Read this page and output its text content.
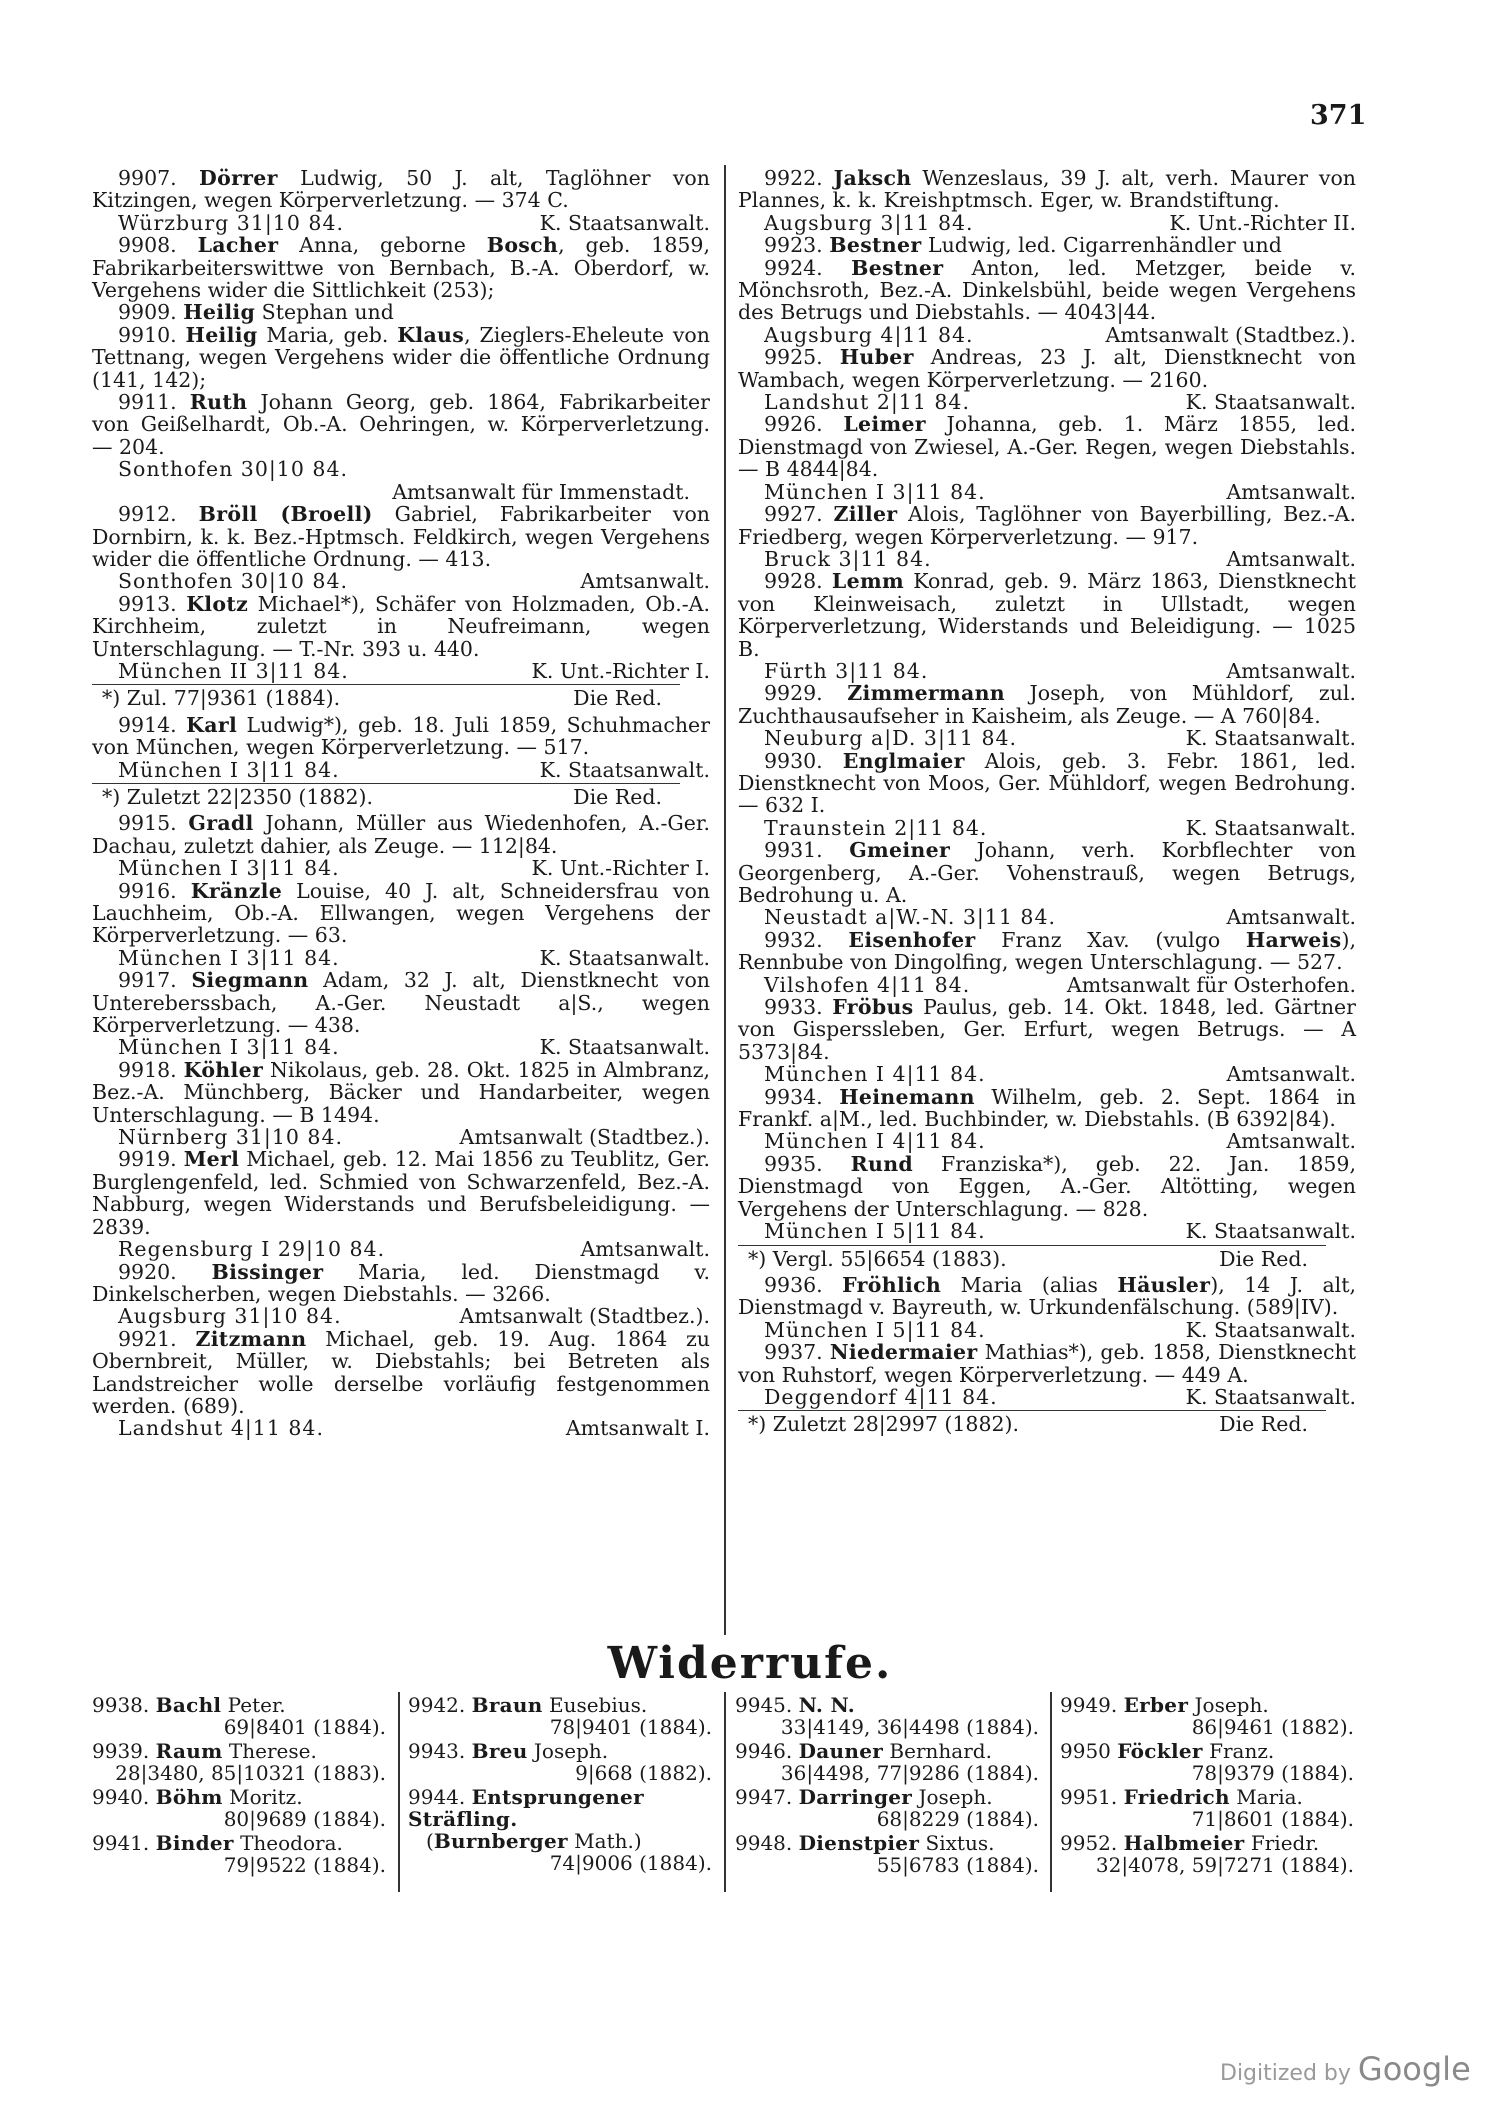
371
9907. Dörrer Ludwig, 50 J. alt, Taglöhner von Kitzingen, wegen Körperverletzung. — 374 C.
Würzburg 31|10 84.	K. Staatsanwalt.
9908. Lacher Anna, geborne Bosch, geb. 1859, Fabrikarbeiterswittwe von Bernbach, B.-A. Oberdorf, w. Vergehens wider die Sittlichkeit (253);
9909. Heilig Stephan und
9910. Heilig Maria, geb. Klaus, Zieglers-Eheleute von Tettnang, wegen Vergehens wider die öffentliche Ordnung (141, 142);
9911. Ruth Johann Georg, geb. 1864, Fabrikarbeiter von Geißelhardt, Ob.-A. Oehringen, w. Körperverletzung. — 204.
Sonthofen 30|10 84.
Amtsanwalt für Immenstadt.
9912. Bröll (Broell) Gabriel, Fabrikarbeiter von Dornbirn, k. k. Bez.-Hptmsch. Feldkirch, wegen Vergehens wider die öffentliche Ordnung. — 413.
Sonthofen 30|10 84.	Amtsanwalt.
9913. Klotz Michael*), Schäfer von Holzmaden, Ob.-A. Kirchheim, zuletzt in Neufreimann, wegen Unterschlagung. — T.-Nr. 393 u. 440.
München II 3|11 84.	K. Unt.-Richter I.
*) Zul. 77|9361 (1884).	Die Red.
9914. Karl Ludwig*), geb. 18. Juli 1859, Schuhmacher von München, wegen Körperverletzung. — 517.
München I 3|11 84.	K. Staatsanwalt.
*) Zuletzt 22|2350 (1882).	Die Red.
9915. Gradl Johann, Müller aus Wiedenhofen, A.-Ger. Dachau, zuletzt dahier, als Zeuge. — 112|84.
München I 3|11 84.	K. Unt.-Richter I.
9916. Kränzle Louise, 40 J. alt, Schneidersfrau von Lauchheim, Ob.-A. Ellwangen, wegen Vergehens der Körperverletzung. — 63.
München I 3|11 84.	K. Staatsanwalt.
9917. Siegmann Adam, 32 J. alt, Dienstknecht von Untereberssbach, A.-Ger. Neustadt a|S., wegen Körperverletzung. — 438.
München I 3|11 84.	K. Staatsanwalt.
9918. Köhler Nikolaus, geb. 28. Okt. 1825 in Almbranz, Bez.-A. Münchberg, Bäcker und Handarbeiter, wegen Unterschlagung. — B 1494.
Nürnberg 31|10 84.	Amtsanwalt (Stadtbez.).
9919. Merl Michael, geb. 12. Mai 1856 zu Teublitz, Ger. Burglengenfeld, led. Schmied von Schwarzenfeld, Bez.-A. Nabburg, wegen Widerstands und Berufsbeleidigung. — 2839.
Regensburg I 29|10 84.	Amtsanwalt.
9920. Bissinger Maria, led. Dienstmagd v. Dinkelscherben, wegen Diebstahls. — 3266.
Augsburg 31|10 84.	Amtsanwalt (Stadtbez.).
9921. Zitzmann Michael, geb. 19. Aug. 1864 zu Obernbreit, Müller, w. Diebstahls; bei Betreten als Landstreicher wolle derselbe vorläufig festgenommen werden. (689).
Landshut 4|11 84.	Amtsanwalt I.
9922. Jaksch Wenzeslaus, 39 J. alt, verh. Maurer von Plannes, k. k. Kreishptmsch. Eger, w. Brandstiftung.
Augsburg 3|11 84.	K. Unt.-Richter II.
9923. Bestner Ludwig, led. Cigarrenhändler und
9924. Bestner Anton, led. Metzger, beide v. Mönchsroth, Bez.-A. Dinkelsbühl, beide wegen Vergehens des Betrugs und Diebstahls. — 4043|44.
Augsburg 4|11 84.	Amtsanwalt (Stadtbez.).
9925. Huber Andreas, 23 J. alt, Dienstknecht von Wambach, wegen Körperverletzung. — 2160.
Landshut 2|11 84.	K. Staatsanwalt.
9926. Leimer Johanna, geb. 1. März 1855, led. Dienstmagd von Zwiesel, A.-Ger. Regen, wegen Diebstahls. — B 4844|84.
München I 3|11 84.	Amtsanwalt.
9927. Ziller Alois, Taglöhner von Bayerbilling, Bez.-A. Friedberg, wegen Körperverletzung. — 917.
Bruck 3|11 84.	Amtsanwalt.
9928. Lemm Konrad, geb. 9. März 1863, Dienstknecht von Kleinweisach, zuletzt in Ullstadt, wegen Körperverletzung, Widerstands und Beleidigung. — 1025 B.
Fürth 3|11 84.	Amtsanwalt.
9929. Zimmermann Joseph, von Mühldorf, zul. Zuchthausaufseher in Kaisheim, als Zeuge. — A 760|84.
Neuburg a|D. 3|11 84.	K. Staatsanwalt.
9930. Englmaier Alois, geb. 3. Febr. 1861, led. Dienstknecht von Moos, Ger. Mühldorf, wegen Bedrohung. — 632 I.
Traunstein 2|11 84.	K. Staatsanwalt.
9931. Gmeiner Johann, verh. Korbflechter von Georgenberg, A.-Ger. Vohenstrauß, wegen Betrugs, Bedrohung u. A.
Neustadt a|W.-N. 3|11 84.	Amtsanwalt.
9932. Eisenhofer Franz Xav. (vulgo Harweis), Rennbube von Dingolfing, wegen Unterschlagung. — 527.
Vilshofen 4|11 84.	Amtsanwalt für Osterhofen.
9933. Fröbus Paulus, geb. 14. Okt. 1848, led. Gärtner von Gisperssleben, Ger. Erfurt, wegen Betrugs. — A 5373|84.
München I 4|11 84.	Amtsanwalt.
9934. Heinemann Wilhelm, geb. 2. Sept. 1864 in Frankf. a|M., led. Buchbinder, w. Diebstahls. (B 6392|84).
München I 4|11 84.	Amtsanwalt.
9935. Rund Franziska*), geb. 22. Jan. 1859, Dienstmagd von Eggen, A.-Ger. Altötting, wegen Vergehens der Unterschlagung. — 828.
München I 5|11 84.	K. Staatsanwalt.
*) Vergl. 55|6654 (1883).	Die Red.
9936. Fröhlich Maria (alias Häusler), 14 J. alt, Dienstmagd v. Bayreuth, w. Urkundenfälschung. (589|IV).
München I 5|11 84.	K. Staatsanwalt.
9937. Niedermaier Mathias*), geb. 1858, Dienstknecht von Ruhstorf, wegen Körperverletzung. — 449 A.
Deggendorf 4|11 84.	K. Staatsanwalt.
*) Zuletzt 28|2997 (1882).	Die Red.
Widerrufe.
9938. Bachl Peter.
69|8401 (1884).
9939. Raum Therese.
28|3480, 85|10321 (1883).
9940. Böhm Moritz.
80|9689 (1884).
9941. Binder Theodora.
79|9522 (1884).
9942. Braun Eusebius.
78|9401 (1884).
9943. Breu Joseph.
9|668 (1882).
9944. Entsprungener Sträfling.
(Burnberger Math.)
74|9006 (1884).
9945. N. N.
33|4149, 36|4498 (1884).
9946. Dauner Bernhard.
36|4498, 77|9286 (1884).
9947. Darringer Joseph.
68|8229 (1884).
9948. Dienstpier Sixtus.
55|6783 (1884).
9949. Erber Joseph.
86|9461 (1882).
9950 Föckler Franz.
78|9379 (1884).
9951. Friedrich Maria.
71|8601 (1884).
9952. Halbmeier Friedr.
32|4078, 59|7271 (1884).
Digitized by Google
